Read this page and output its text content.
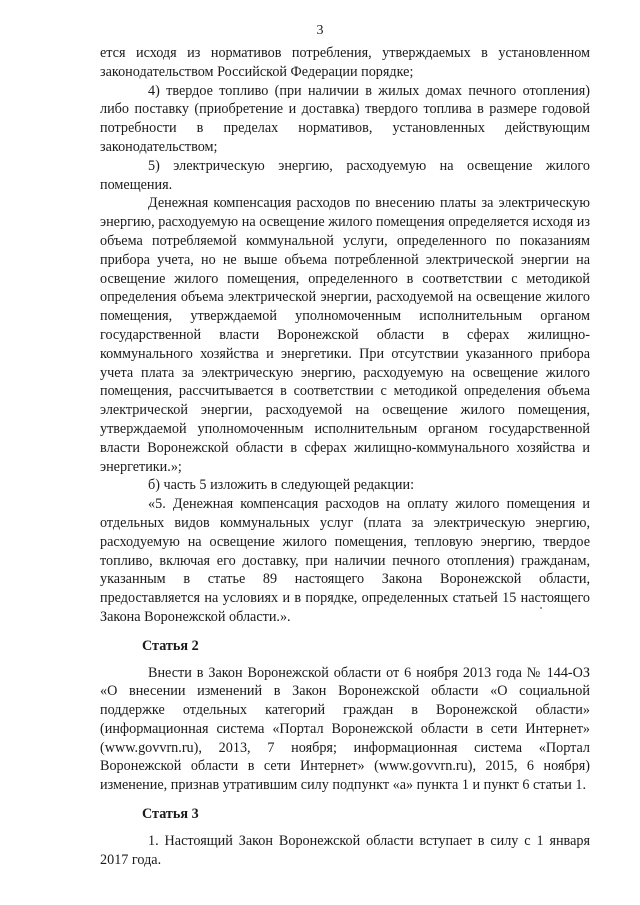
3

ется исходя из нормативов потребления, утверждаемых в установленном законодательством Российской Федерации порядке;

4) твердое топливо (при наличии в жилых домах печного отопления) либо поставку (приобретение и доставка) твердого топлива в размере годовой потребности в пределах нормативов, установленных действующим законодательством;

5) электрическую энергию, расходуемую на освещение жилого помещения.

Денежная компенсация расходов по внесению платы за электрическую энергию, расходуемую на освещение жилого помещения определяется исходя из объема потребляемой коммунальной услуги, определенного по показаниям прибора учета, но не выше объема потребленной электрической энергии на освещение жилого помещения, определенного в соответствии с методикой определения объема электрической энергии, расходуемой на освещение жилого помещения, утверждаемой уполномоченным исполнительным органом государственной власти Воронежской области в сферах жилищно-коммунального хозяйства и энергетики. При отсутствии указанного прибора учета плата за электрическую энергию, расходуемую на освещение жилого помещения, рассчитывается в соответствии с методикой определения объема электрической энергии, расходуемой на освещение жилого помещения, утверждаемой уполномоченным исполнительным органом государственной власти Воронежской области в сферах жилищно-коммунального хозяйства и энергетики.»;

б) часть 5 изложить в следующей редакции:

«5. Денежная компенсация расходов на оплату жилого помещения и отдельных видов коммунальных услуг (плата за электрическую энергию, расходуемую на освещение жилого помещения, тепловую энергию, твердое топливо, включая его доставку, при наличии печного отопления) гражданам, указанным в статье 89 настоящего Закона Воронежской области, предоставляется на условиях и в порядке, определенных статьей 15 настоящего Закона Воронежской области.».

Статья 2

Внести в Закон Воронежской области от 6 ноября 2013 года № 144-ОЗ «О внесении изменений в Закон Воронежской области «О социальной поддержке отдельных категорий граждан в Воронежской области» (информационная система «Портал Воронежской области в сети Интернет» (www.govvrn.ru), 2013, 7 ноября; информационная система «Портал Воронежской области в сети Интернет» (www.govvrn.ru), 2015, 6 ноября) изменение, признав утратившим силу подпункт «а» пункта 1 и пункт 6 статьи 1.

Статья 3

1. Настоящий Закон Воронежской области вступает в силу с 1 января 2017 года.
